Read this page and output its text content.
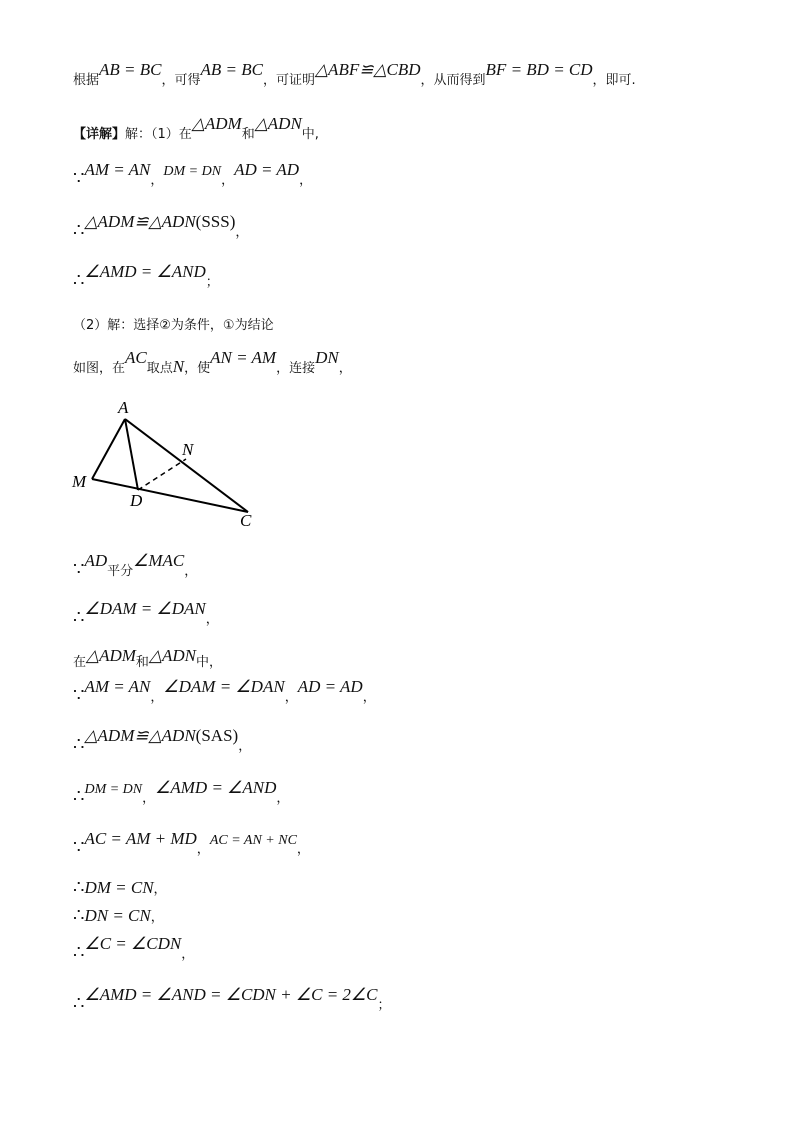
根据AB = BC，可得AB = BC，可证明△ABF≌△CBD，从而得到BF = BD = CD，即可.
【详解】解：（1）在△ADM和△ADN中,
∵AM = AN，DM = DN，AD = AD，
∴△ADM≌△ADN(SSS)，
∴∠AMD = ∠AND；
（2）解：选择②为条件，①为结论
如图，在AC取点N，使AN = AM，连接DN，
A
N
M
D
C
∵AD平分∠MAC，
∴∠DAM = ∠DAN，
在△ADM和△ADN中，
∵AM = AN，∠DAM = ∠DAN，AD = AD，
∴△ADM≌△ADN(SAS)，
∴DM = DN，∠AMD = ∠AND，
∵AC = AM + MD，AC = AN + NC，
∴DM = CN，
∴DN = CN，
∴∠C = ∠CDN，
∴∠AMD = ∠AND = ∠CDN + ∠C = 2∠C；
